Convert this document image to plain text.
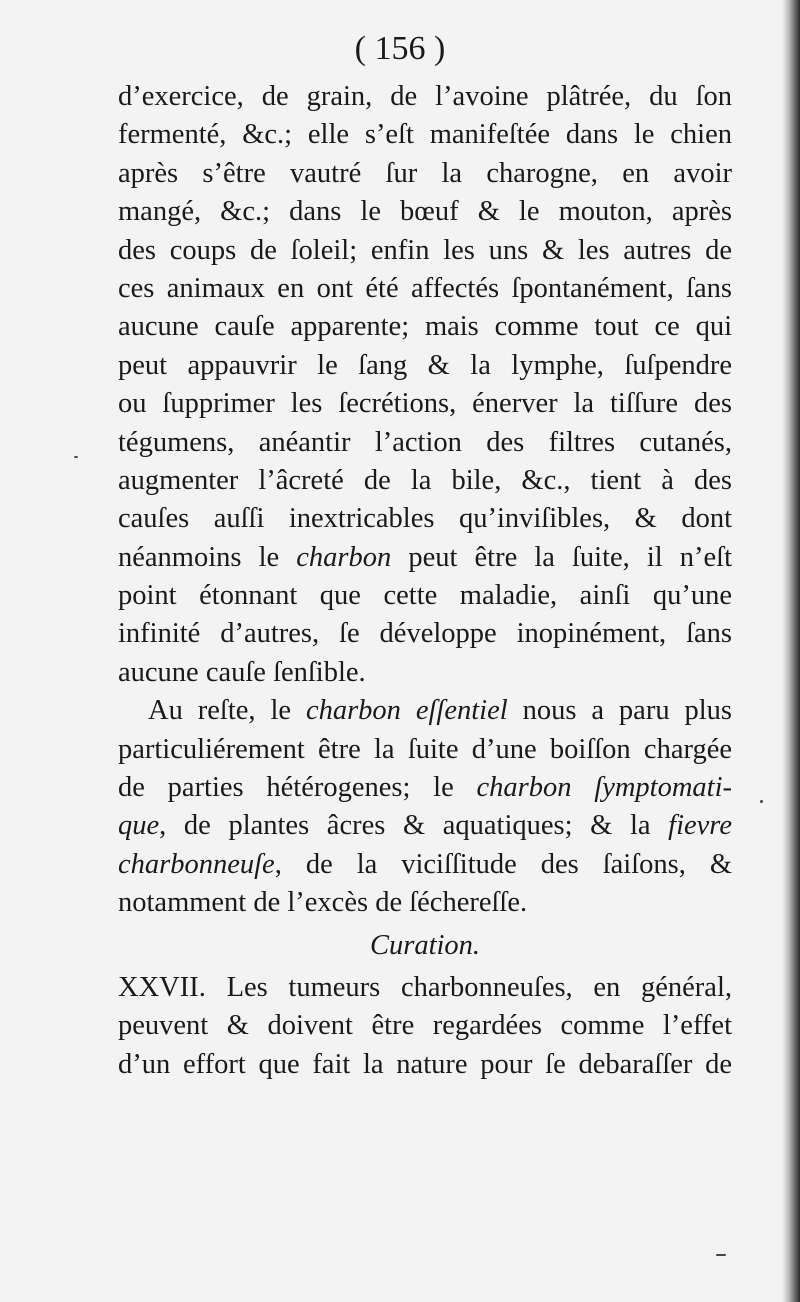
( 156 )
d’exercice, de grain, de l’avoine plâtrée, du ſon
fermenté, &c.; elle s’eſt manifeſtée dans le chien
après s’être vautré ſur la charogne, en avoir
mangé, &c.; dans le bœuf & le mouton, après
des coups de ſoleil; enfin les uns & les autres de
ces animaux en ont été affectés ſpontanément, ſans
aucune cauſe apparente; mais comme tout ce qui
peut appauvrir le ſang & la lymphe, ſuſpendre
ou ſupprimer les ſecrétions, énerver la tiſſure des
tégumens, anéantir l’action des filtres cutanés,
augmenter l’âcreté de la bile, &c., tient à des
cauſes auſſi inextricables qu’inviſibles, & dont
néanmoins le charbon peut être la ſuite, il n’eſt
point étonnant que cette maladie, ainſi qu’une
infinité d’autres, ſe développe inopinément, ſans
aucune cauſe ſenſible.
Au reſte, le charbon eſſentiel nous a paru plus
particuliérement être la ſuite d’une boiſſon chargée
de parties hétérogenes; le charbon ſymptomati-
que, de plantes âcres & aquatiques; & la fievre
charbonneuſe, de la viciſſitude des ſaiſons, &
notamment de l’excès de ſéchereſſe.
Curation.
XXVII. Les tumeurs charbonneuſes, en général,
peuvent & doivent être regardées comme l’effet
d’un effort que fait la nature pour ſe debaraſſer de
